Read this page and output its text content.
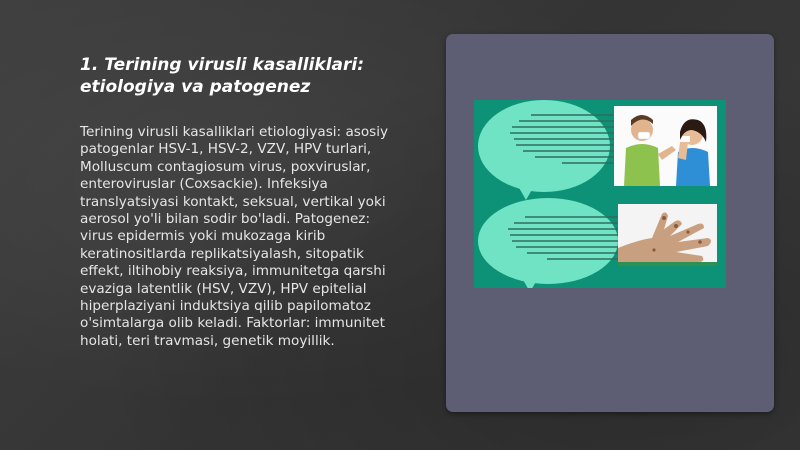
1. Terining virusli kasalliklari: etiologiya va patogenez

Terining virusli kasalliklari etiologiyasi: asosiy patogenlar HSV-1, HSV-2, VZV, HPV turlari, Molluscum contagiosum virus, poxviruslar, enteroviruslar (Coxsackie). Infeksiya translyatsiyasi kontakt, seksual, vertikal yoki aerosol yo'li bilan sodir bo'ladi. Patogenez: virus epidermis yoki mukozaga kirib keratinositlarda replikatsiyalash, sitopatik effekt, iltihobiy reaksiya, immunitetga qarshi evaziga latentlik (HSV, VZV), HPV epitelial hiperplaziyani induktsiya qilib papilomatoz o'simtalarga olib keladi. Faktorlar: immunitet holati, teri travmasi, genetik moyillik.
